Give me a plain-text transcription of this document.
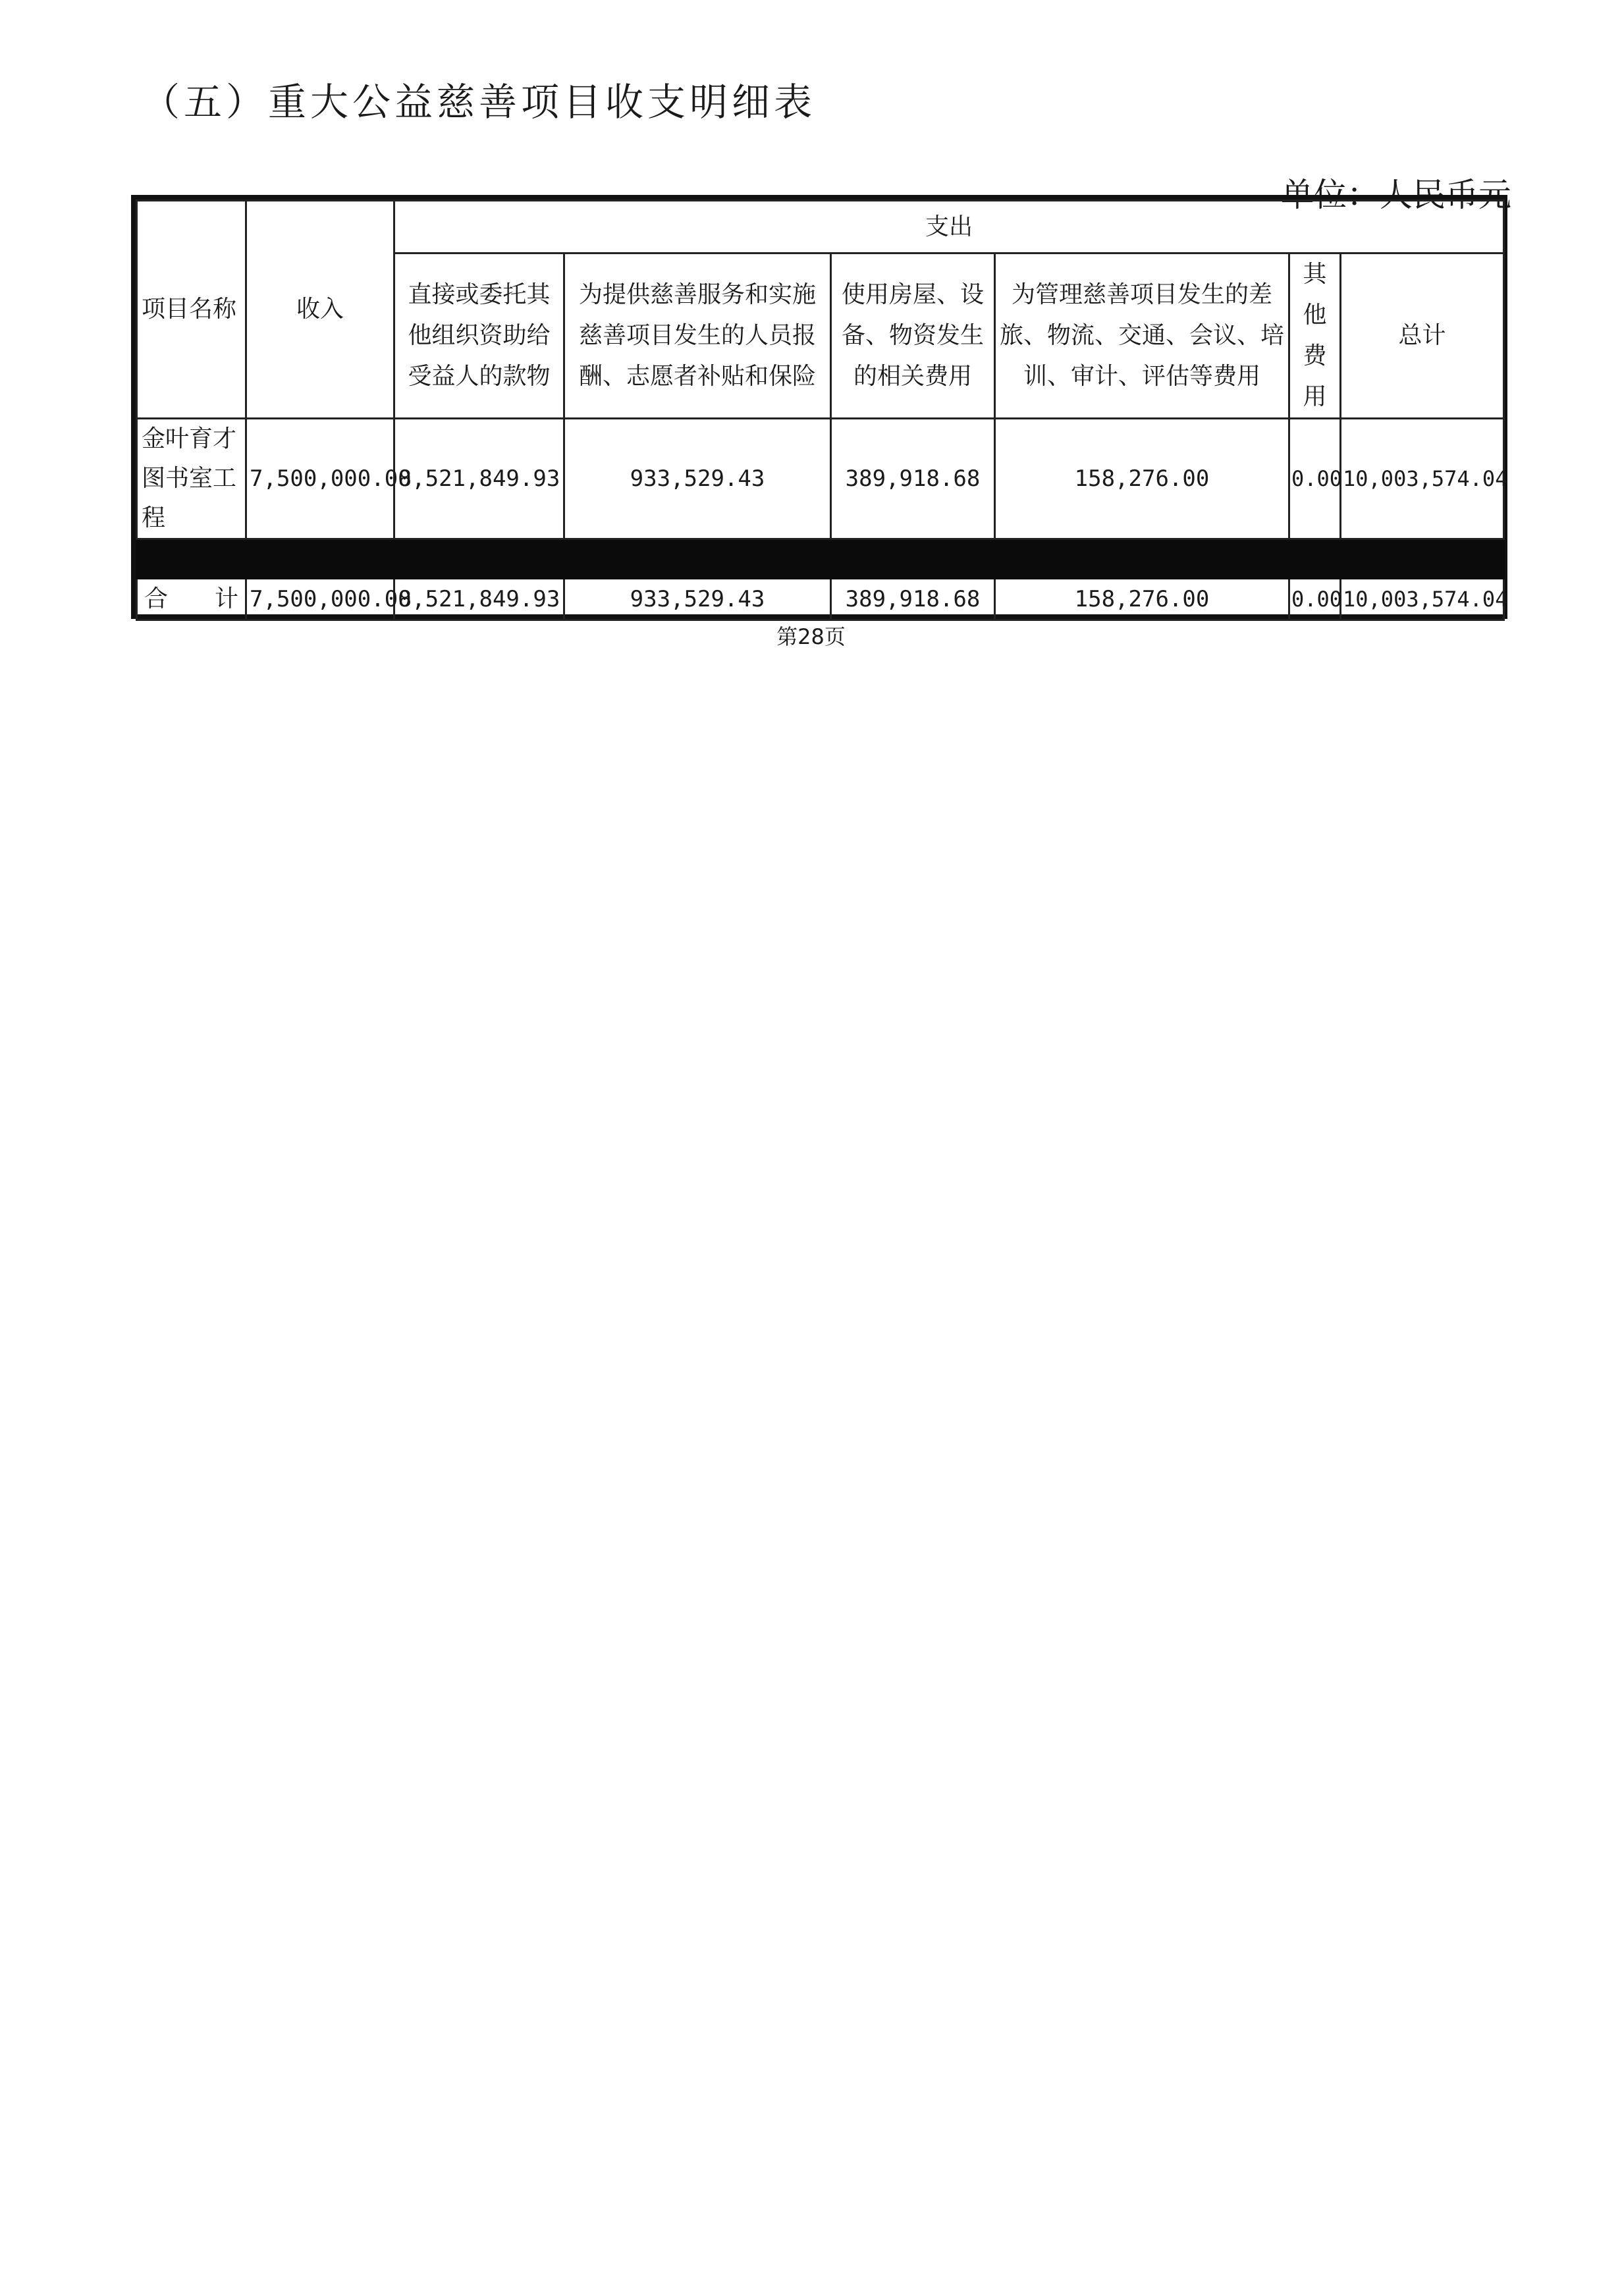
（五）重大公益慈善项目收支明细表
单位：人民币元
项目名称	收入	支出					
		直接或委托其他组织资助给受益人的款物	为提供慈善服务和实施慈善项目发生的人员报酬、志愿者补贴和保险	使用房屋、设备、物资发生的相关费用	为管理慈善项目发生的差旅、物流、交通、会议、培训、审计、评估等费用	其他费用	总计
金叶育才图书室工程	7,500,000.00	8,521,849.93	933,529.43	389,918.68	158,276.00	0.00	10,003,574.04

合 计	7,500,000.00	8,521,849.93	933,529.43	389,918.68	158,276.00	0.00	10,003,574.04
第28页
